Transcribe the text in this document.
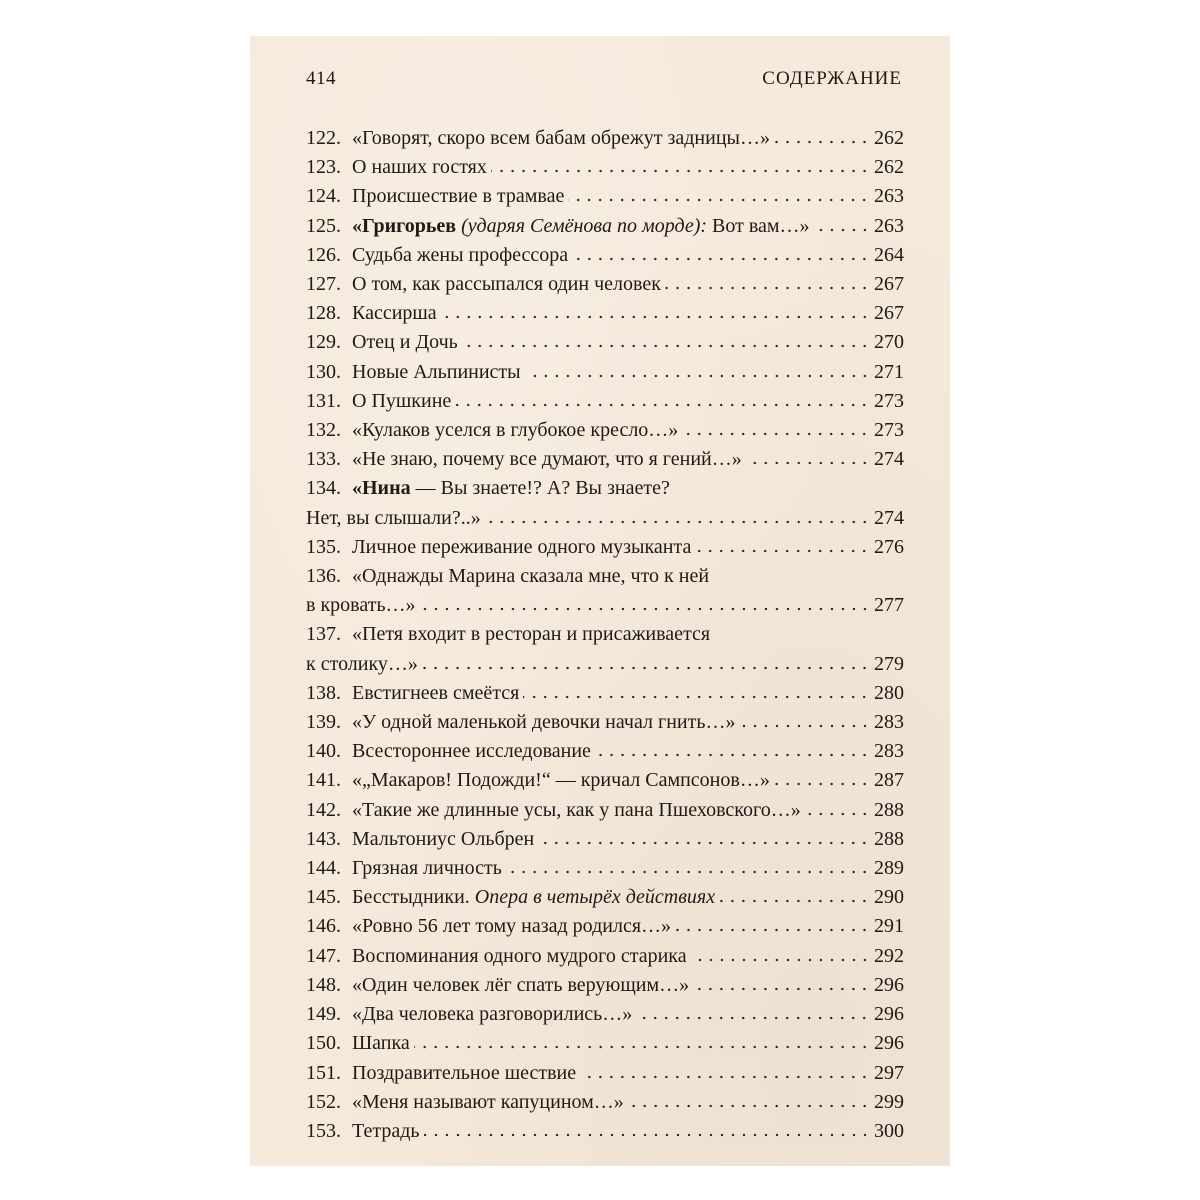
414	СОДЕРЖАНИЕ
122. «Говорят, скоро всем бабам обрежут задницы…»	262
123. О наших гостях	262
124. Происшествие в трамвае	263
125. «Григорьев (ударяя Семёнова по морде): Вот вам…»	263
126. Судьба жены профессора	264
127. О том, как рассыпался один человек	267
128. Кассирша	267
129. Отец и Дочь	270
130. Новые Альпинисты	271
131. О Пушкине	273
132. «Кулаков уселся в глубокое кресло…»	273
133. «Не знаю, почему все думают, что я гений…»	274
134. «Нина — Вы знаете!? А? Вы знаете?
Нет, вы слышали?..»	274
135. Личное переживание одного музыканта	276
136. «Однажды Марина сказала мне, что к ней
в кровать…»	277
137. «Петя входит в ресторан и присаживается
к столику…»	279
138. Евстигнеев смеётся	280
139. «У одной маленькой девочки начал гнить…»	283
140. Всестороннее исследование	283
141. «„Макаров! Подожди!“ — кричал Сампсонов…»	287
142. «Такие же длинные усы, как у пана Пшеховского…»	288
143. Мальтониус Ольбрен	288
144. Грязная личность	289
145. Бесстыдники. Опера в четырёх действиях	290
146. «Ровно 56 лет тому назад родился…»	291
147. Воспоминания одного мудрого старика	292
148. «Один человек лёг спать верующим…»	296
149. «Два человека разговорились…»	296
150. Шапка	296
151. Поздравительное шествие	297
152. «Меня называют капуцином…»	299
153. Тетрадь	300
